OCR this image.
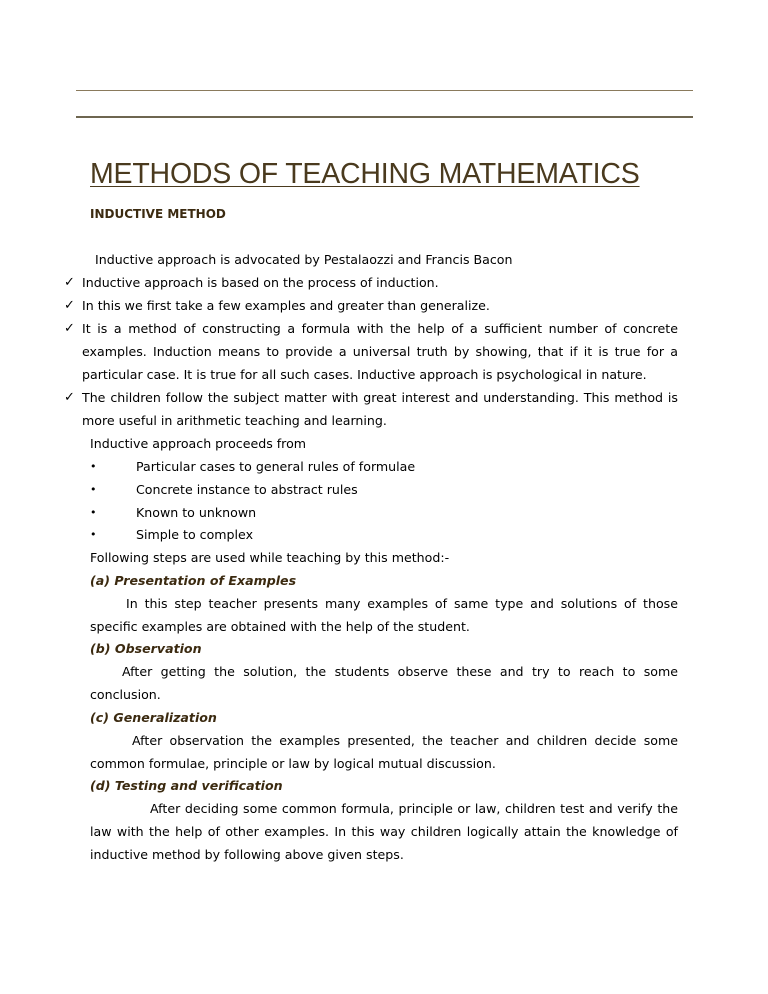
METHODS OF TEACHING MATHEMATICS
INDUCTIVE METHOD
Inductive approach is advocated by Pestalaozzi and Francis Bacon
✓ Inductive approach is based on the process of induction.
✓ In this we first take a few examples and greater than generalize.
✓ It is a method of constructing a formula with the help of a sufficient number of concrete examples. Induction means to provide a universal truth by showing, that if it is true for a particular case. It is true for all such cases. Inductive approach is psychological in nature.
✓ The children follow the subject matter with great interest and understanding. This method is more useful in arithmetic teaching and learning.
Inductive approach proceeds from
•	Particular cases to general rules of formulae
•	Concrete instance to abstract rules
•	Known to unknown
•	Simple to complex
Following steps are used while teaching by this method:-
(a) Presentation of Examples
In this step teacher presents many examples of same type and solutions of those specific examples are obtained with the help of the student.
(b) Observation
After getting the solution, the students observe these and try to reach to some conclusion.
(c) Generalization
After observation the examples presented, the teacher and children decide some common formulae, principle or law by logical mutual discussion.
(d) Testing and verification
After deciding some common formula, principle or law, children test and verify the law with the help of other examples. In this way children logically attain the knowledge of inductive method by following above given steps.
